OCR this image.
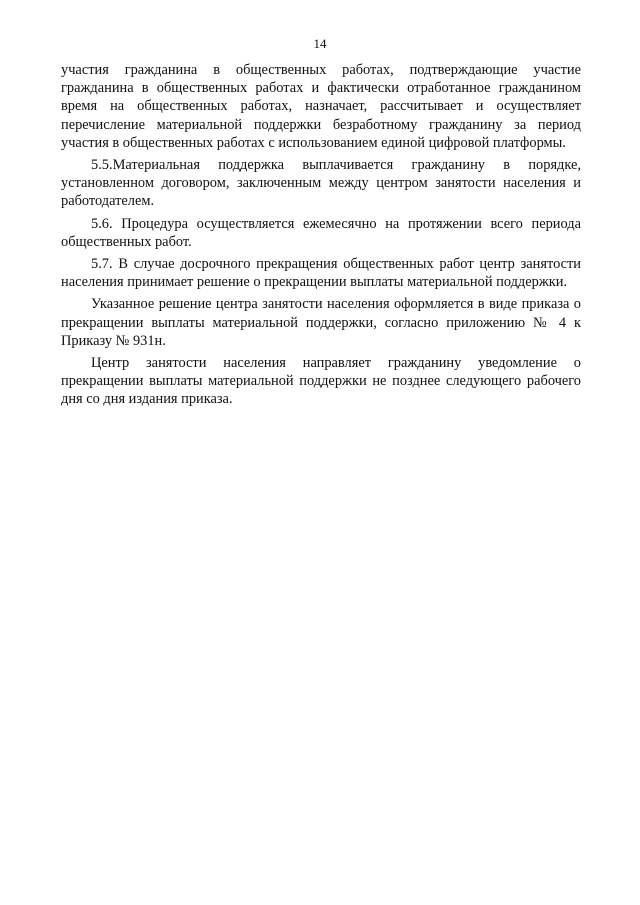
14

участия гражданина в общественных работах, подтверждающие участие гражданина в общественных работах и фактически отработанное гражданином время на общественных работах, назначает, рассчитывает и осуществляет перечисление материальной поддержки безработному гражданину за период участия в общественных работах с использованием единой цифровой платформы.

5.5.Материальная поддержка выплачивается гражданину в порядке, установленном договором, заключенным между центром занятости населения и работодателем.

5.6. Процедура осуществляется ежемесячно на протяжении всего периода общественных работ.

5.7. В случае досрочного прекращения общественных работ центр занятости населения принимает решение о прекращении выплаты материальной поддержки.

Указанное решение центра занятости населения оформляется в виде приказа о прекращении выплаты материальной поддержки, согласно приложению № 4 к Приказу № 931н.

Центр занятости населения направляет гражданину уведомление о прекращении выплаты материальной поддержки не позднее следующего рабочего дня со дня издания приказа.
